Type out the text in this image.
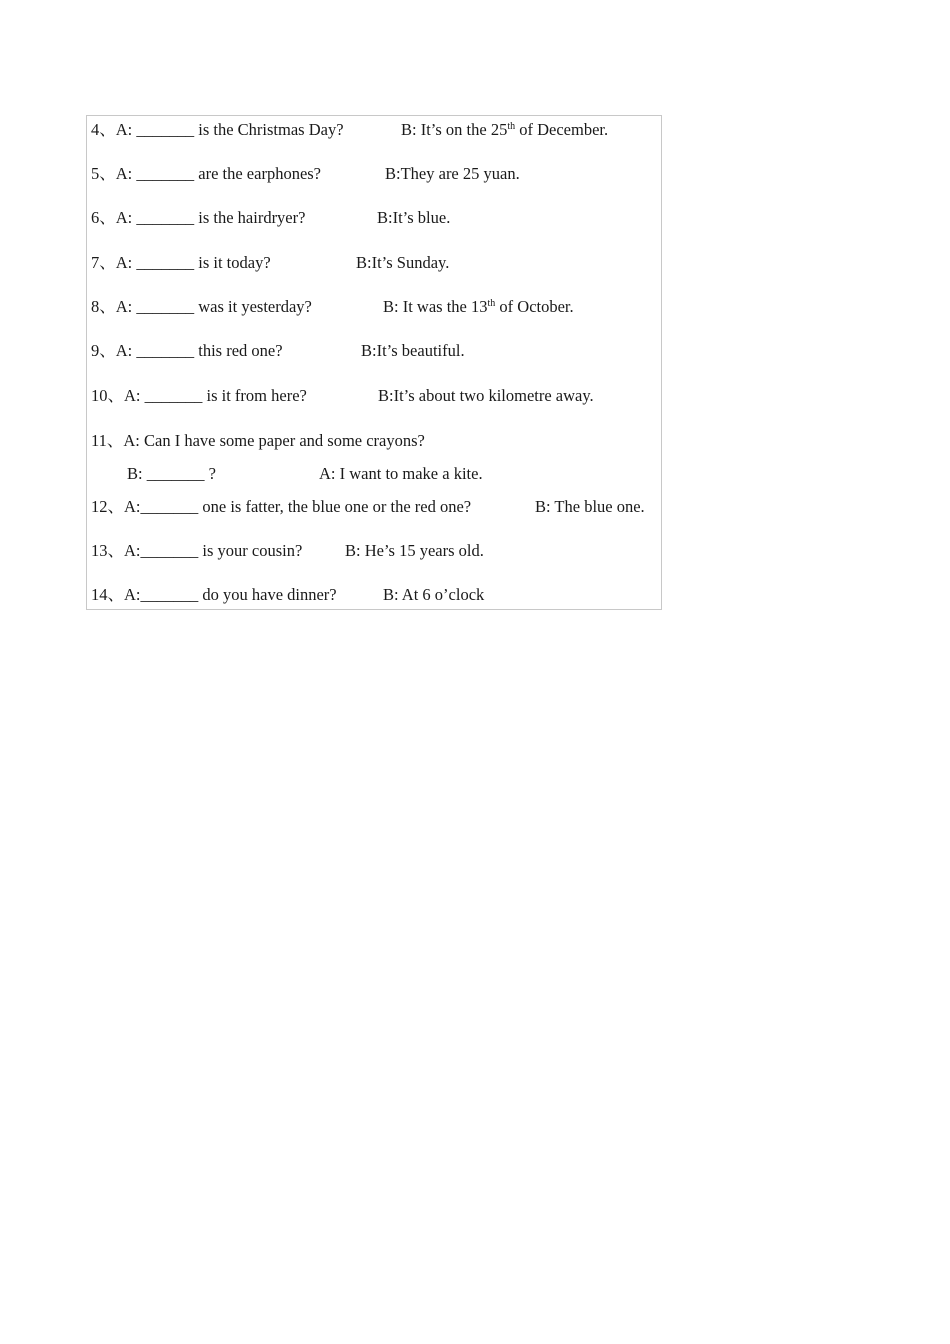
4、A: _______ is the Christmas Day?	B: It’s on the 25th of December.
5、A: _______ are the earphones?	B:They are 25 yuan.
6、A: _______ is the hairdryer?	B:It’s blue.
7、A: _______ is it today?	B:It’s Sunday.
8、A: _______ was it yesterday?	B: It was the 13th of October.
9、A: _______ this red one?	B:It’s beautiful.
10、A: _______ is it from here?	B:It’s about two kilometre away.
11、A: Can I have some paper and some crayons?
B: _______ ?	A: I want to make a kite.
12、A:_______ one is fatter, the blue one or the red one?	B: The blue one.
13、A:_______ is your cousin?	B: He’s 15 years old.
14、A:_______ do you have dinner?	B: At 6 o’clock
